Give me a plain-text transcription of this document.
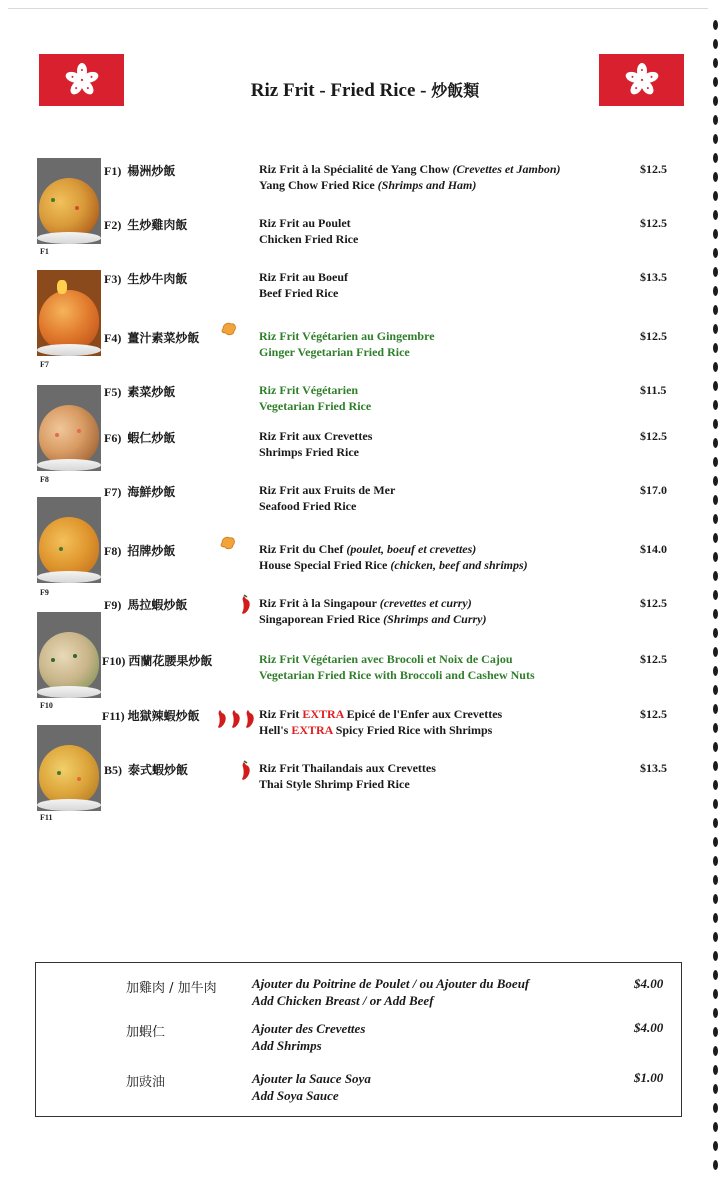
Riz Frit - Fried Rice - 炒飯類
F1
F7
F8
F9
F10
F11
F1) 楊洲炒飯	Riz Frit à la Spécialité de Yang Chow (Crevettes et Jambon)
Yang Chow Fried Rice (Shrimps and Ham)
$12.5
F2) 生炒雞肉飯	Riz Frit au Poulet
Chicken Fried Rice
$12.5
F3) 生炒牛肉飯	Riz Frit au Boeuf
Beef Fried Rice
$13.5
F4) 薑汁素菜炒飯	Riz Frit Végétarien au Gingembre
Ginger Vegetarian Fried Rice
$12.5
F5) 素菜炒飯	Riz Frit Végétarien
Vegetarian Fried Rice
$11.5
F6) 蝦仁炒飯	Riz Frit aux Crevettes
Shrimps Fried Rice
$12.5
F7) 海鮮炒飯	Riz Frit aux Fruits de Mer
Seafood Fried Rice
$17.0
F8) 招牌炒飯	Riz Frit du Chef (poulet, boeuf et crevettes)
House Special Fried Rice (chicken, beef and shrimps)
$14.0
F9) 馬拉蝦炒飯	Riz Frit à la Singapour (crevettes et curry)
Singaporean Fried Rice (Shrimps and Curry)
$12.5
F10) 西蘭花腰果炒飯	Riz Frit Végétarien avec Brocoli et Noix de Cajou
Vegetarian Fried Rice with Broccoli and Cashew Nuts
$12.5
F11) 地獄辣蝦炒飯	Riz Frit EXTRA Epicé de l'Enfer aux Crevettes
Hell's EXTRA Spicy Fried Rice with Shrimps
$12.5
B5) 泰式蝦炒飯	Riz Frit Thailandais aux Crevettes
Thai Style Shrimp Fried Rice
$13.5
加雞肉 / 加牛肉	Ajouter du Poitrine de Poulet / ou Ajouter du Boeuf
Add Chicken Breast / or Add Beef
$4.00
加蝦仁	Ajouter des Crevettes
Add Shrimps
$4.00
加豉油	Ajouter la Sauce Soya
Add Soya Sauce
$1.00
